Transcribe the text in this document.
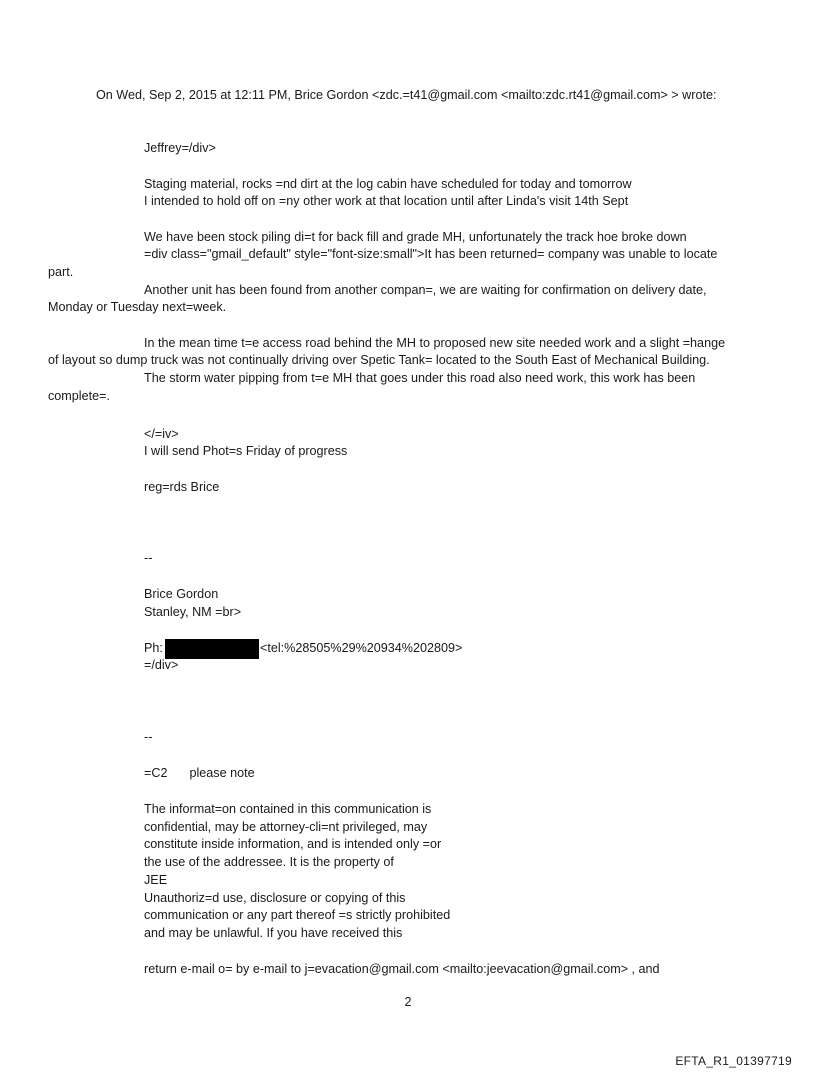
On Wed, Sep 2, 2015 at 12:11 PM, Brice Gordon <zdc.=t41@gmail.com <mailto:zdc.rt41@gmail.com> > wrote:
Jeffrey=/div>
Staging material, rocks =nd dirt at the log cabin have scheduled for today and tomorrow
I intended to hold off on =ny other work at that location until after Linda's visit 14th Sept
We have been stock piling di=t for back fill and grade MH, unfortunately the track hoe broke down
=div class="gmail_default" style="font-size:small">It has been returned= company was unable to locate
part.
Another unit has been found from another compan=, we are waiting for confirmation on delivery date,
Monday or Tuesday next=week.
In the mean time t=e access road behind the MH to proposed new site needed work and a slight =hange
of layout so dump truck was not continually driving over Spetic Tank= located to the South East of Mechanical Building.
The storm water pipping from t=e MH that goes under this road also need work, this work has been
complete=.
</=iv>
I will send Phot=s Friday of progress
reg=rds Brice
--
Brice Gordon
Stanley, NM =br>
Ph:	<tel:%28505%29%20934%202809>
=/div>
--
=C2 please note
The informat=on contained in this communication is
confidential, may be attorney-cli=nt privileged, may
constitute inside information, and is intended only =or
the use of the addressee. It is the property of
JEE
Unauthoriz=d use, disclosure or copying of this
communication or any part thereof =s strictly prohibited
and may be unlawful. If you have received this
return e-mail o= by e-mail to j=evacation@gmail.com <mailto:jeevacation@gmail.com> , and
2
EFTA_R1_01397719
